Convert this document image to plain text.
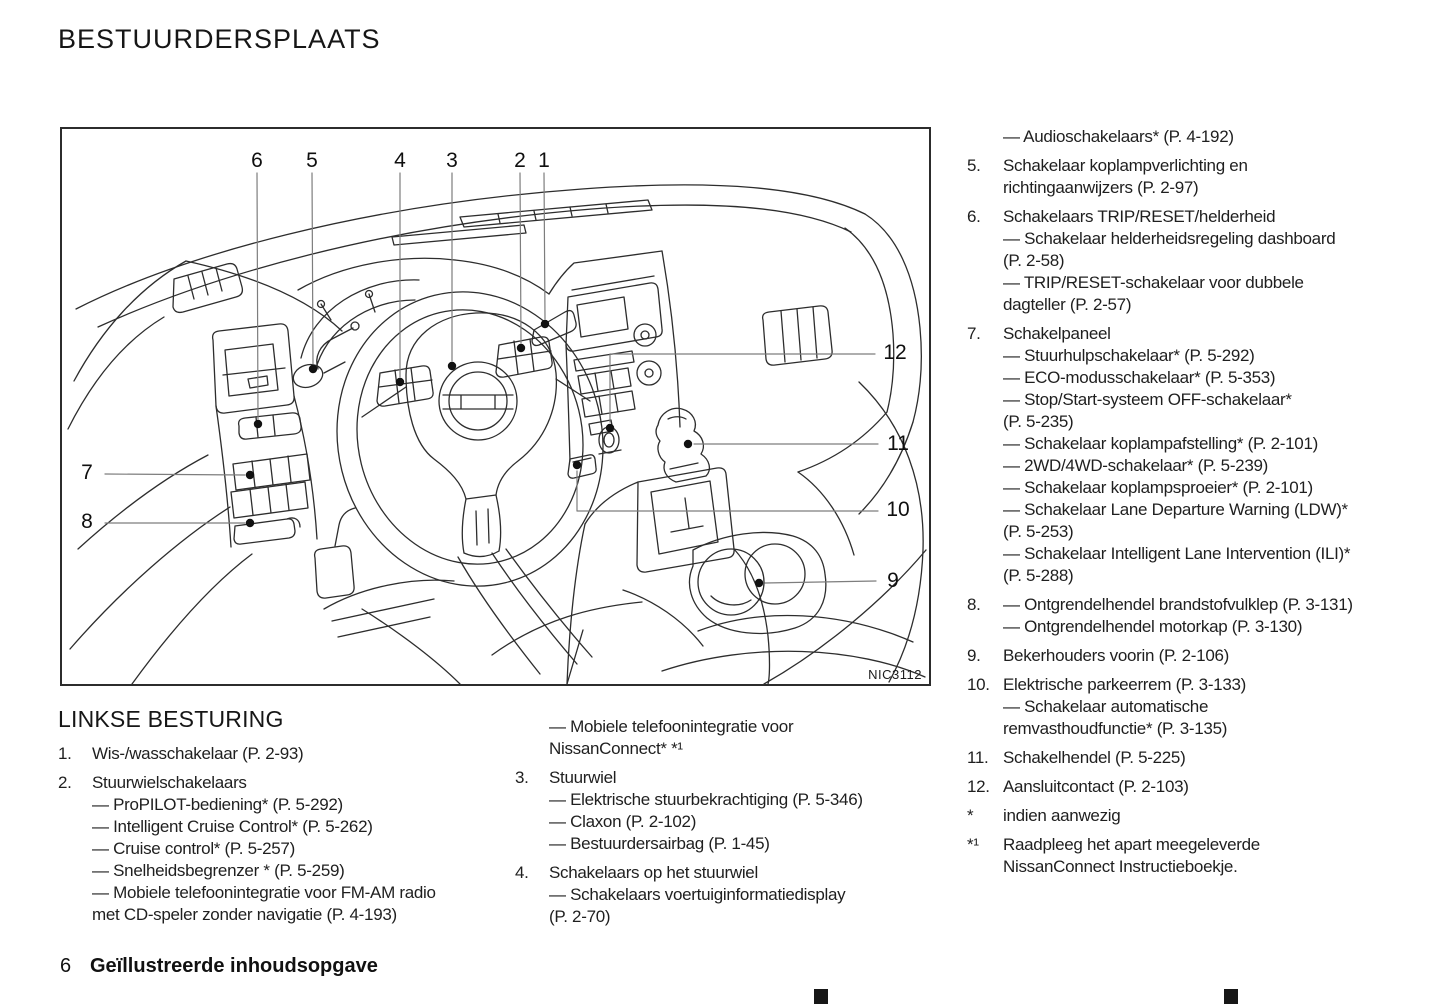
BESTUURDERSPLAATS
1
2
3
4
5
6
7
8
9
10
11
12
NIC3112
LINKSE BESTURING
1.	Wis-/wasschakelaar (P. 2-93)
2.	Stuurwielschakelaars
— ProPILOT-bediening* (P. 5-292)
— Intelligent Cruise Control* (P. 5-262)
— Cruise control* (P. 5-257)
— Snelheidsbegrenzer * (P. 5-259)
— Mobiele telefoonintegratie voor FM-AM radio
met CD-speler zonder navigatie (P. 4-193)
— Mobiele telefoonintegratie voor
NissanConnect* *¹
3.	Stuurwiel
— Elektrische stuurbekrachtiging (P. 5-346)
— Claxon (P. 2-102)
— Bestuurdersairbag (P. 1-45)
4.	Schakelaars op het stuurwiel
— Schakelaars voertuiginformatiedisplay
(P. 2-70)
— Audioschakelaars* (P. 4-192)
5.	Schakelaar koplampverlichting en
richtingaanwijzers (P. 2-97)
6.	Schakelaars TRIP/RESET/helderheid
— Schakelaar helderheidsregeling dashboard
(P. 2-58)
— TRIP/RESET-schakelaar voor dubbele
dagteller (P. 2-57)
7.	Schakelpaneel
— Stuurhulpschakelaar* (P. 5-292)
— ECO-modusschakelaar* (P. 5-353)
— Stop/Start-systeem OFF-schakelaar*
(P. 5-235)
— Schakelaar koplampafstelling* (P. 2-101)
— 2WD/4WD-schakelaar* (P. 5-239)
— Schakelaar koplampsproeier* (P. 2-101)
— Schakelaar Lane Departure Warning (LDW)*
(P. 5-253)
— Schakelaar Intelligent Lane Intervention (ILI)*
(P. 5-288)
8.	— Ontgrendelhendel brandstofvulklep (P. 3-131)
— Ontgrendelhendel motorkap (P. 3-130)
9.	Bekerhouders voorin (P. 2-106)
10. Elektrische parkeerrem (P. 3-133)
— Schakelaar automatische
remvasthoudfunctie* (P. 3-135)
11. Schakelhendel (P. 5-225)
12. Aansluitcontact (P. 2-103)
*	indien aanwezig
*¹	Raadpleeg het apart meegeleverde
NissanConnect Instructieboekje.
6 Geïllustreerde inhoudsopgave
